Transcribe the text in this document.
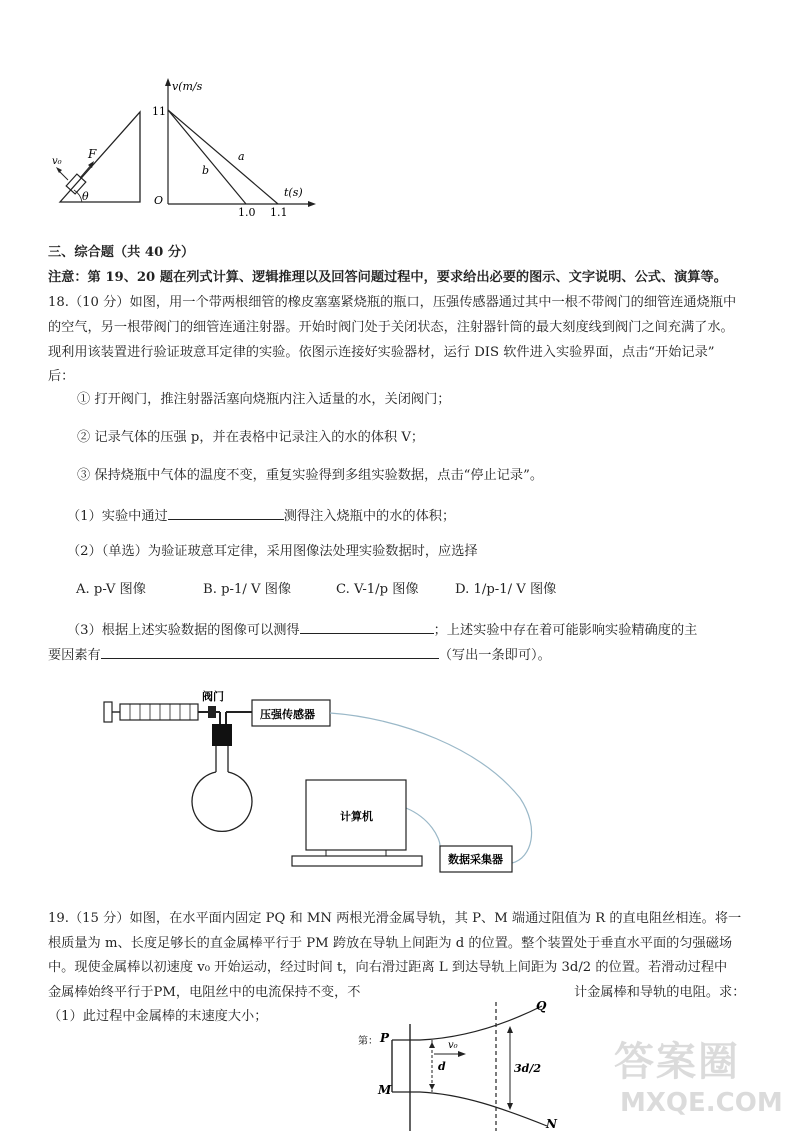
v₀
F
θ
v(m/s
11
O
1.0 1.1
t(s)
a
b
三、综合题（共 40 分）
注意：第 19、20 题在列式计算、逻辑推理以及回答问题过程中，要求给出必要的图示、文字说明、公式、演算等。
18.（10 分）如图，用一个带两根细管的橡皮塞塞紧烧瓶的瓶口，压强传感器通过其中一根不带阀门的细管连通烧瓶中
的空气，另一根带阀门的细管连通注射器。开始时阀门处于关闭状态，注射器针筒的最大刻度线到阀门之间充满了水。
现利用该装置进行验证玻意耳定律的实验。依图示连接好实验器材，运行 DIS 软件进入实验界面，点击“开始记录”
后：
① 打开阀门，推注射器活塞向烧瓶内注入适量的水，关闭阀门；
② 记录气体的压强 p，并在表格中记录注入的水的体积 V；
③ 保持烧瓶中气体的温度不变，重复实验得到多组实验数据，点击“停止记录”。
（1）实验中通过	测得注入烧瓶中的水的体积；
（2）（单选）为验证玻意耳定律，采用图像法处理实验数据时，应选择
A. p-V 图像	B. p-1/ V 图像	C. V-1/p 图像	D. 1/p-1/ V 图像
（3）根据上述实验数据的图像可以测得	；上述实验中存在着可能影响实验精确度的主
要因素有	（写出一条即可）。
阀门
压强传感器
计算机
数据采集器
19.（15 分）如图，在水平面内固定 PQ 和 MN 两根光滑金属导轨，其 P、M 端通过阻值为 R 的直电阻丝相连。将一
根质量为 m、长度足够长的直金属棒平行于 PM 跨放在导轨上间距为 d 的位置。整个装置处于垂直水平面的匀强磁场
中。现使金属棒以初速度 v₀ 开始运动，经过时间 t，向右滑过距离 L 到达导轨上间距为 3d/2 的位置。若滑动过程中
金属棒始终平行于PM，电阻丝中的电流保持不变，不	计金属棒和导轨的电阻。求：
（1）此过程中金属棒的末速度大小；
第： P
M
Q
N
v₀
d	3d/2 答案圈
MXQE.COM
